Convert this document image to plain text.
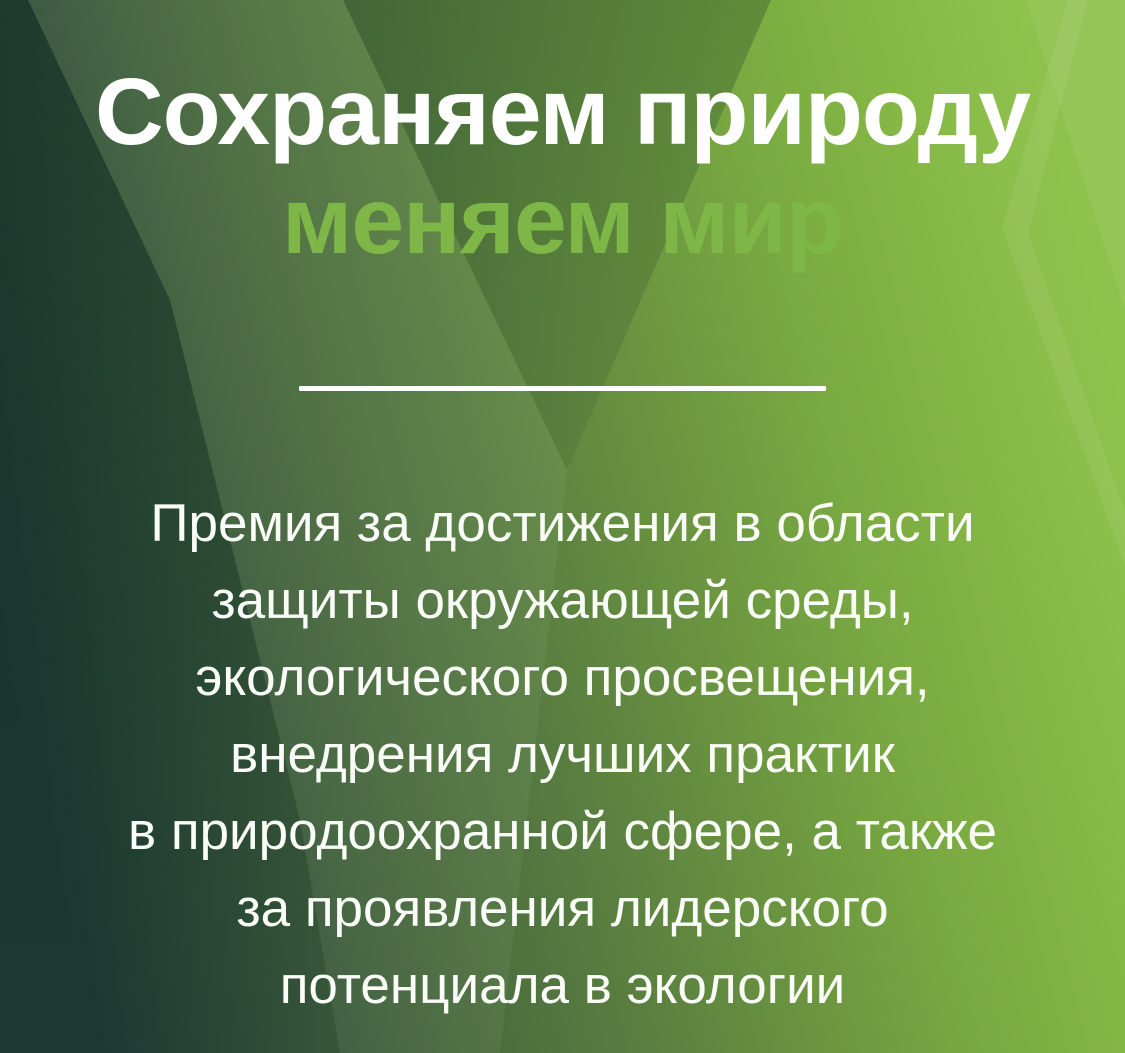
Сохраняем природу
меняем мир
Премия за достижения в области
защиты окружающей среды,
экологического просвещения,
внедрения лучших практик
в природоохранной сфере, а также
за проявления лидерского
потенциала в экологии
